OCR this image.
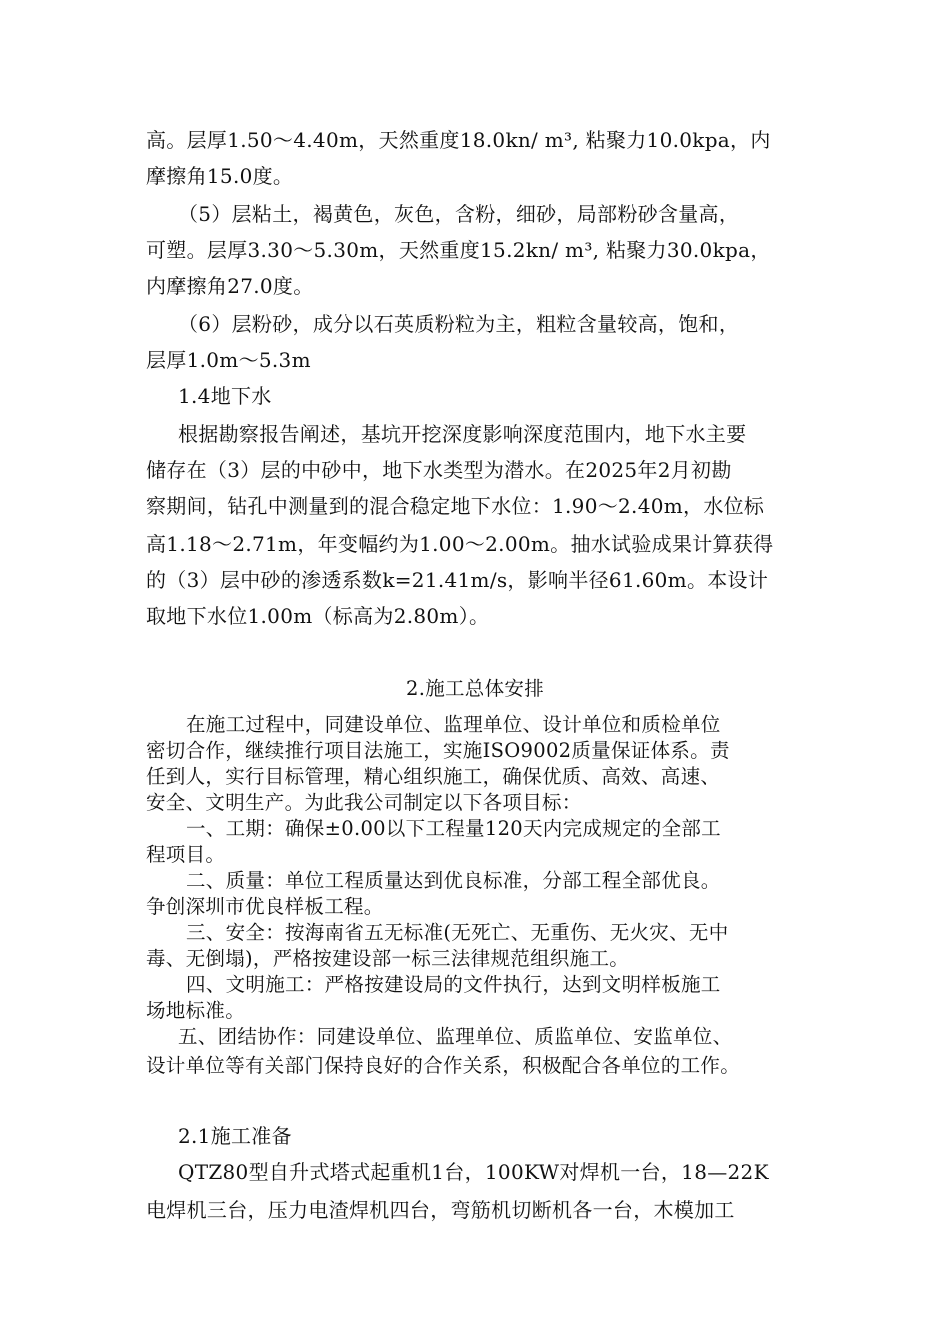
高。层厚1.50～4.40m，天然重度18.0kn/ m³, 粘聚力10.0kpa，内
摩擦角15.0度。
（5）层粘土，褐黄色，灰色，含粉，细砂，局部粉砂含量高，
可塑。层厚3.30～5.30m，天然重度15.2kn/ m³, 粘聚力30.0kpa，
内摩擦角27.0度。
（6）层粉砂，成分以石英质粉粒为主，粗粒含量较高，饱和，
层厚1.0m～5.3m
1.4地下水
根据勘察报告阐述，基坑开挖深度影响深度范围内，地下水主要
储存在（3）层的中砂中，地下水类型为潜水。在2025年2月初勘
察期间，钻孔中测量到的混合稳定地下水位：1.90～2.40m，水位标
高1.18～2.71m，年变幅约为1.00～2.00m。抽水试验成果计算获得
的（3）层中砂的渗透系数k=21.41m/s，影响半径61.60m。本设计
取地下水位1.00m（标高为2.80m）。
2.施工总体安排
在施工过程中，同建设单位、监理单位、设计单位和质检单位
密切合作，继续推行项目法施工，实施ISO9002质量保证体系。责
任到人，实行目标管理，精心组织施工，确保优质、高效、高速、
安全、文明生产。为此我公司制定以下各项目标：
一、工期：确保±0.00以下工程量120天内完成规定的全部工
程项目。
二、质量：单位工程质量达到优良标准，分部工程全部优良。
争创深圳市优良样板工程。
三、安全：按海南省五无标准(无死亡、无重伤、无火灾、无中
毒、无倒塌)，严格按建设部一标三法律规范组织施工。
四、文明施工：严格按建设局的文件执行，达到文明样板施工
场地标准。
五、团结协作：同建设单位、监理单位、质监单位、安监单位、
设计单位等有关部门保持良好的合作关系，积极配合各单位的工作。
2.1施工准备
QTZ80型自升式塔式起重机1台，100KW对焊机一台，18—22K
电焊机三台，压力电渣焊机四台，弯筋机切断机各一台，木模加工
